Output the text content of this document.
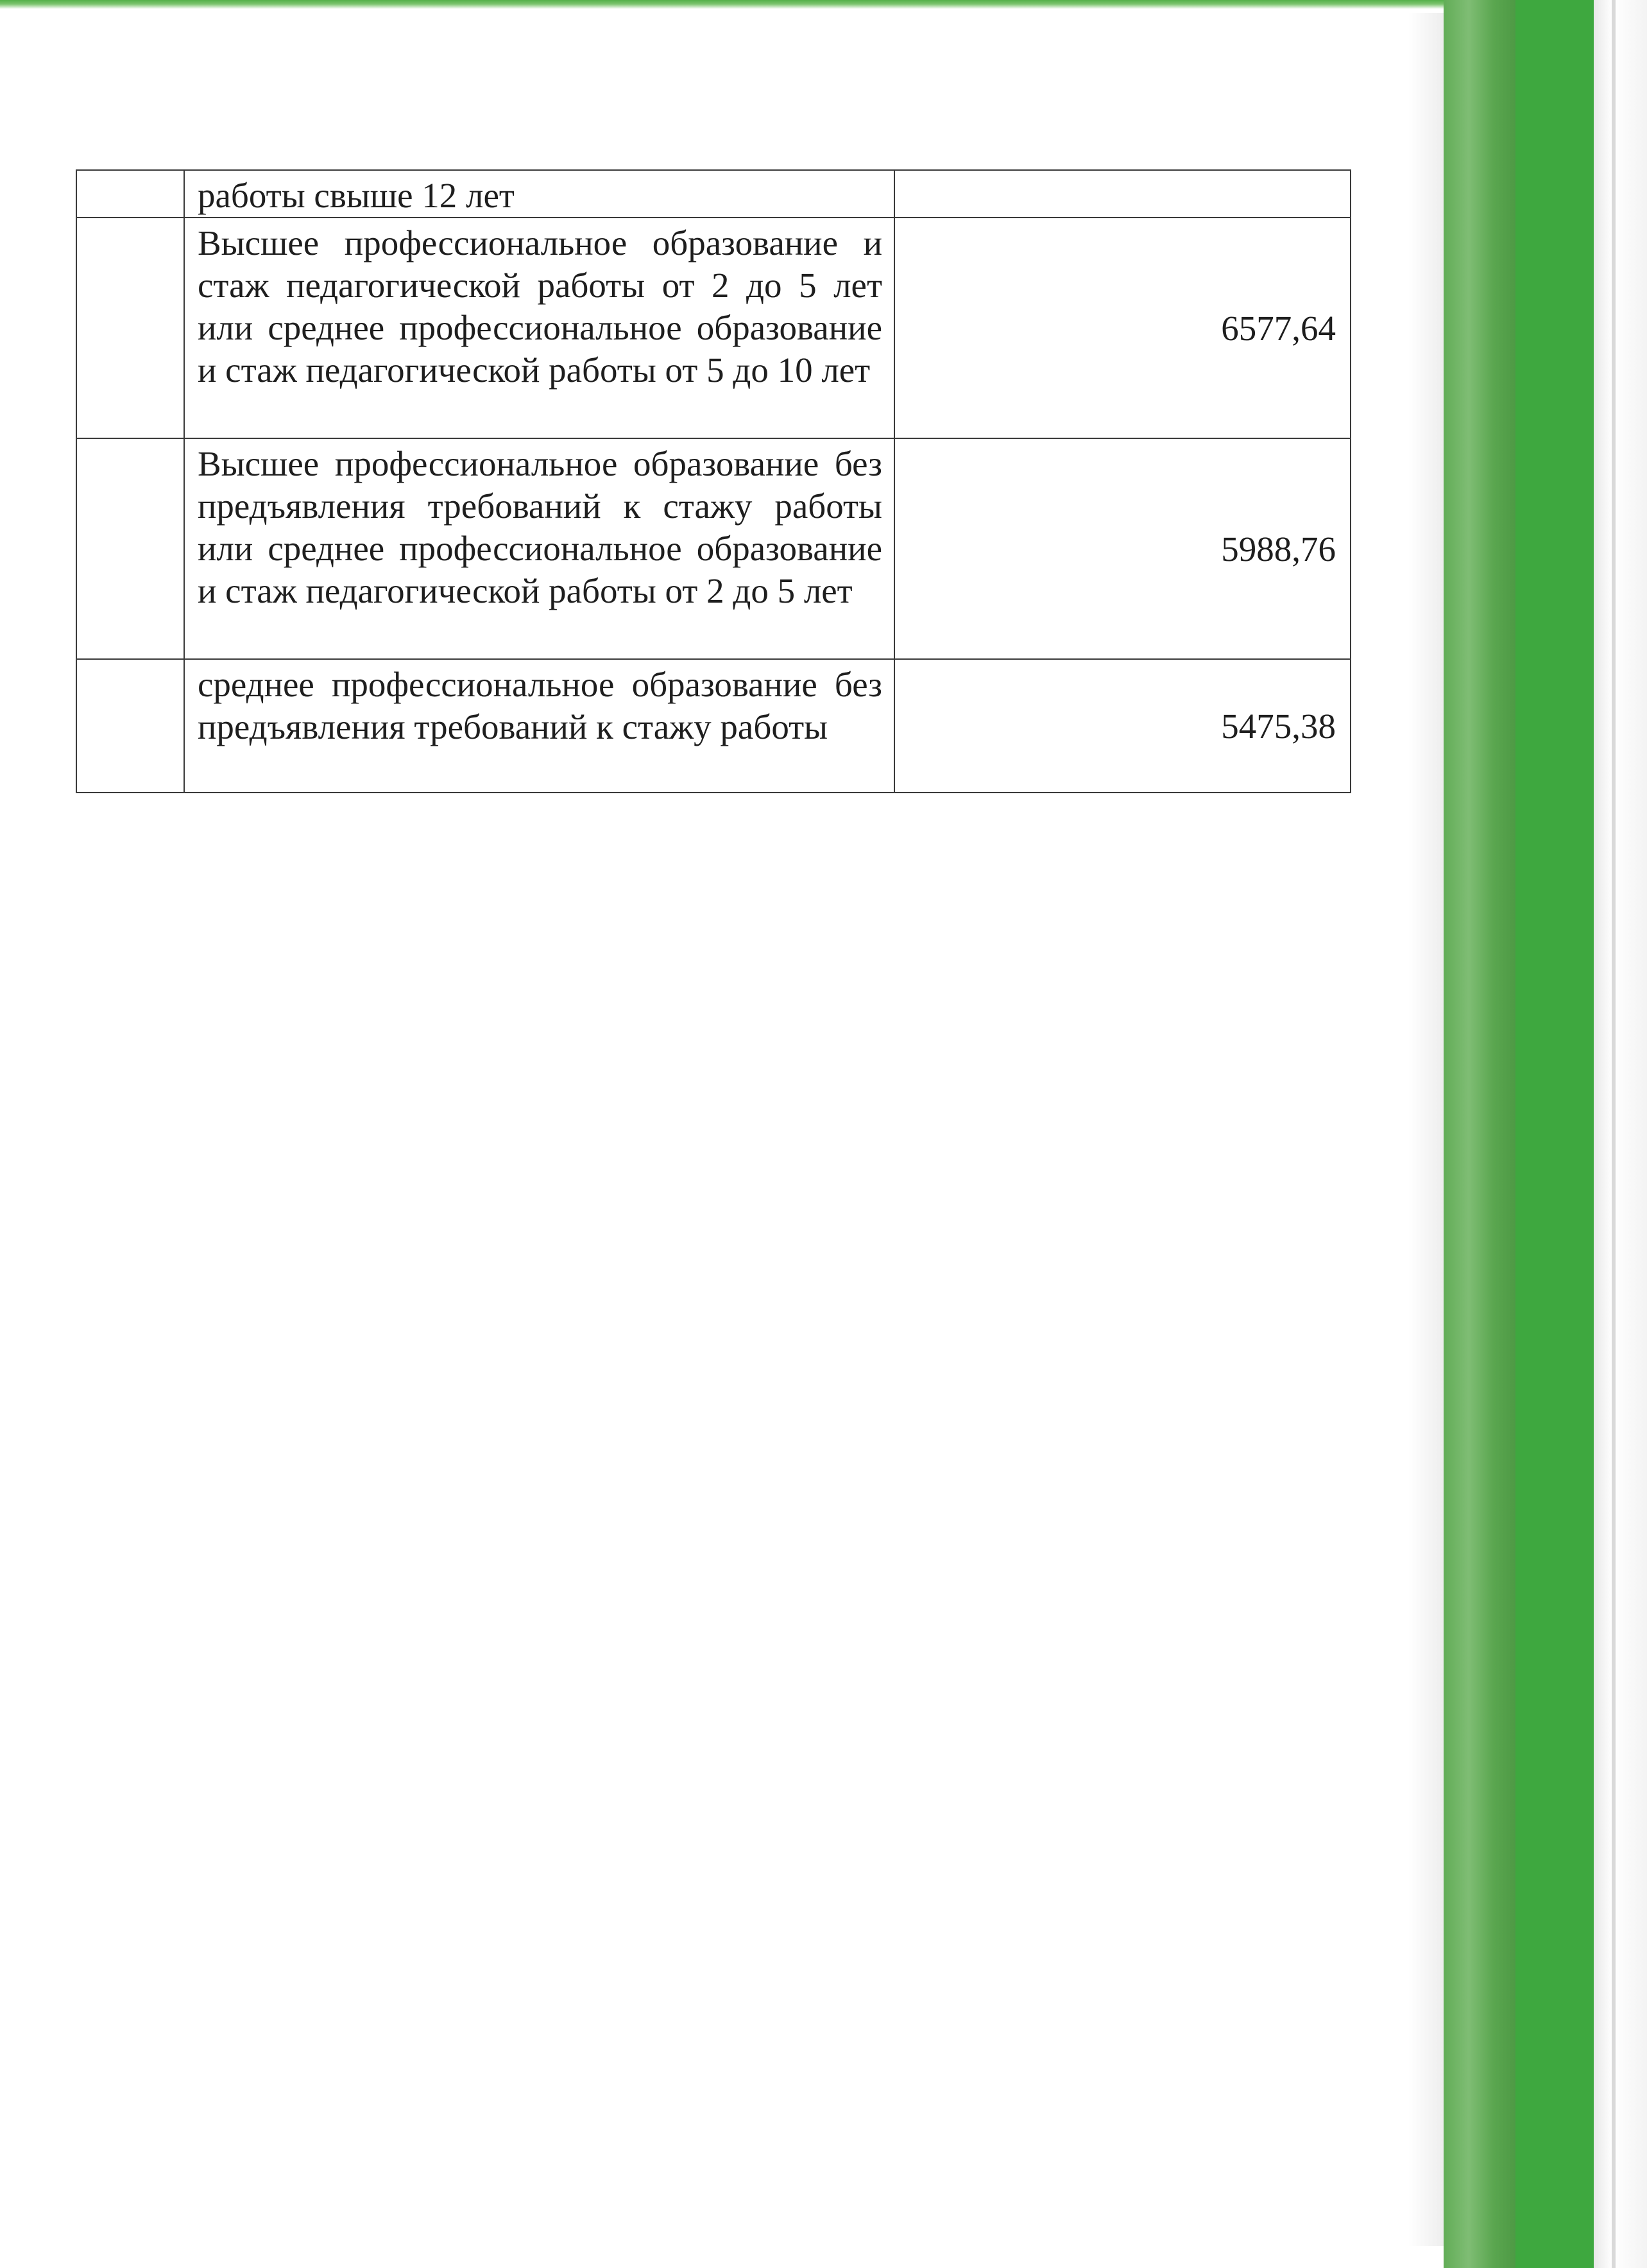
	работы свыше 12 лет	
	Высшее профессиональное образование и стаж педагогической работы от 2 до 5 лет или среднее профессиональное образование и стаж педагогической работы от 5 до 10 лет	6577,64
	Высшее профессиональное образование без предъявления требований к стажу работы или среднее профессиональное образование и стаж педагогической работы от 2 до 5 лет	5988,76
	среднее профессиональное образование без предъявления требований к стажу работы	5475,38
